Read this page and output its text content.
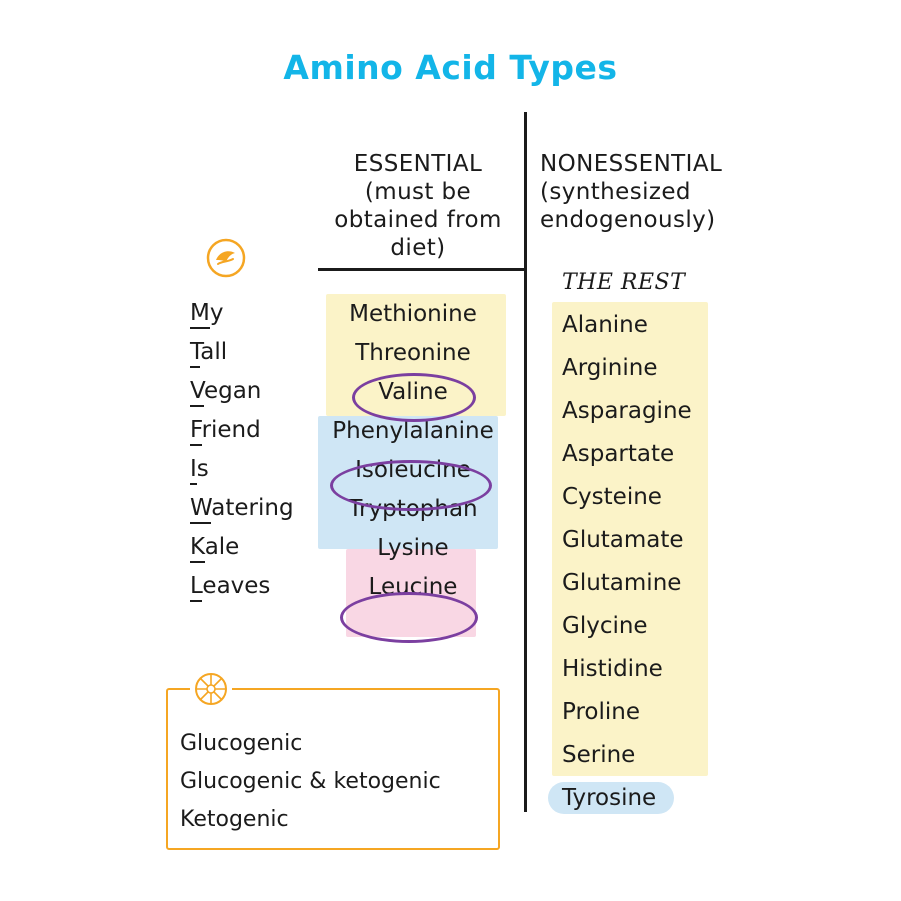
Amino Acid Types
ESSENTIAL
(must be obtained from diet)
NONESSENTIAL
(synthesized endogenously)
My
Tall
Vegan
Friend
Is
Watering
Kale
Leaves
Methionine
Threonine
Valine
Phenylalanine
Isoleucine
Tryptophan
Lysine
Leucine
THE REST
Alanine
Arginine
Asparagine
Aspartate
Cysteine
Glutamate
Glutamine
Glycine
Histidine
Proline
Serine
Tyrosine
Glucogenic
Glucogenic & ketogenic
Ketogenic
